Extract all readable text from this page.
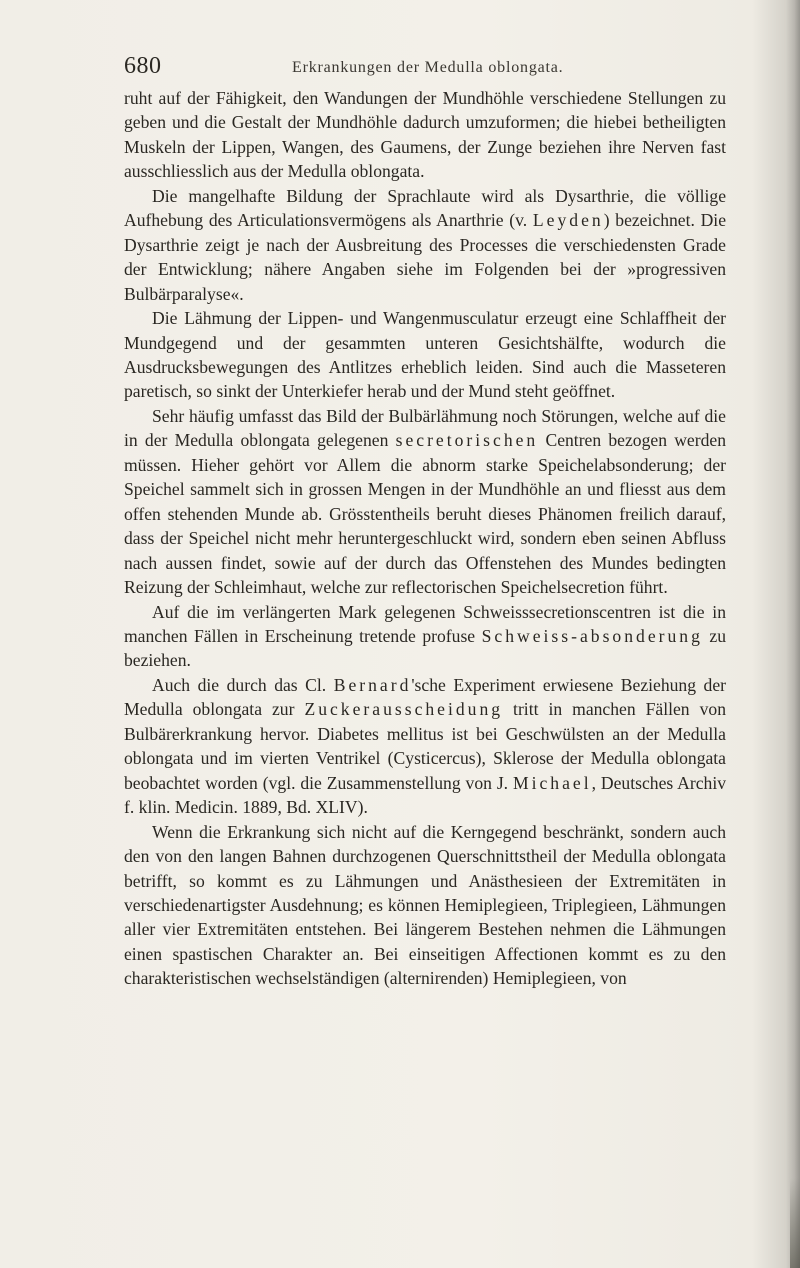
680	Erkrankungen der Medulla oblongata.

ruht auf der Fähigkeit, den Wandungen der Mundhöhle verschiedene Stellungen zu geben und die Gestalt der Mundhöhle dadurch umzuformen; die hiebei betheiligten Muskeln der Lippen, Wangen, des Gaumens, der Zunge beziehen ihre Nerven fast ausschliesslich aus der Medulla oblongata.

Die mangelhafte Bildung der Sprachlaute wird als Dysarthrie, die völlige Aufhebung des Articulationsvermögens als Anarthrie (v. Leyden) bezeichnet. Die Dysarthrie zeigt je nach der Ausbreitung des Processes die verschiedensten Grade der Entwicklung; nähere Angaben siehe im Folgenden bei der »progressiven Bulbärparalyse«.

Die Lähmung der Lippen- und Wangenmusculatur erzeugt eine Schlaffheit der Mundgegend und der gesammten unteren Gesichtshälfte, wodurch die Ausdrucksbewegungen des Antlitzes erheblich leiden. Sind auch die Masseteren paretisch, so sinkt der Unterkiefer herab und der Mund steht geöffnet.

Sehr häufig umfasst das Bild der Bulbärlähmung noch Störungen, welche auf die in der Medulla oblongata gelegenen secretorischen Centren bezogen werden müssen. Hieher gehört vor Allem die abnorm starke Speichelabsonderung; der Speichel sammelt sich in grossen Mengen in der Mundhöhle an und fliesst aus dem offen stehenden Munde ab. Grösstentheils beruht dieses Phänomen freilich darauf, dass der Speichel nicht mehr heruntergeschluckt wird, sondern eben seinen Abfluss nach aussen findet, sowie auf der durch das Offenstehen des Mundes bedingten Reizung der Schleimhaut, welche zur reflectorischen Speichelsecretion führt.

Auf die im verlängerten Mark gelegenen Schweisssecretionscentren ist die in manchen Fällen in Erscheinung tretende profuse Schweiss-absonderung zu beziehen.

Auch die durch das Cl. Bernard'sche Experiment erwiesene Beziehung der Medulla oblongata zur Zuckerausscheidung tritt in manchen Fällen von Bulbärerkrankung hervor. Diabetes mellitus ist bei Geschwülsten an der Medulla oblongata und im vierten Ventrikel (Cysticercus), Sklerose der Medulla oblongata beobachtet worden (vgl. die Zusammenstellung von J. Michael, Deutsches Archiv f. klin. Medicin. 1889, Bd. XLIV).

Wenn die Erkrankung sich nicht auf die Kerngegend beschränkt, sondern auch den von den langen Bahnen durchzogenen Querschnittstheil der Medulla oblongata betrifft, so kommt es zu Lähmungen und Anästhesieen der Extremitäten in verschiedenartigster Ausdehnung; es können Hemiplegieen, Triplegieen, Lähmungen aller vier Extremitäten entstehen. Bei längerem Bestehen nehmen die Lähmungen einen spastischen Charakter an. Bei einseitigen Affectionen kommt es zu den charakteristischen wechselständigen (alternirenden) Hemiplegieen, von
